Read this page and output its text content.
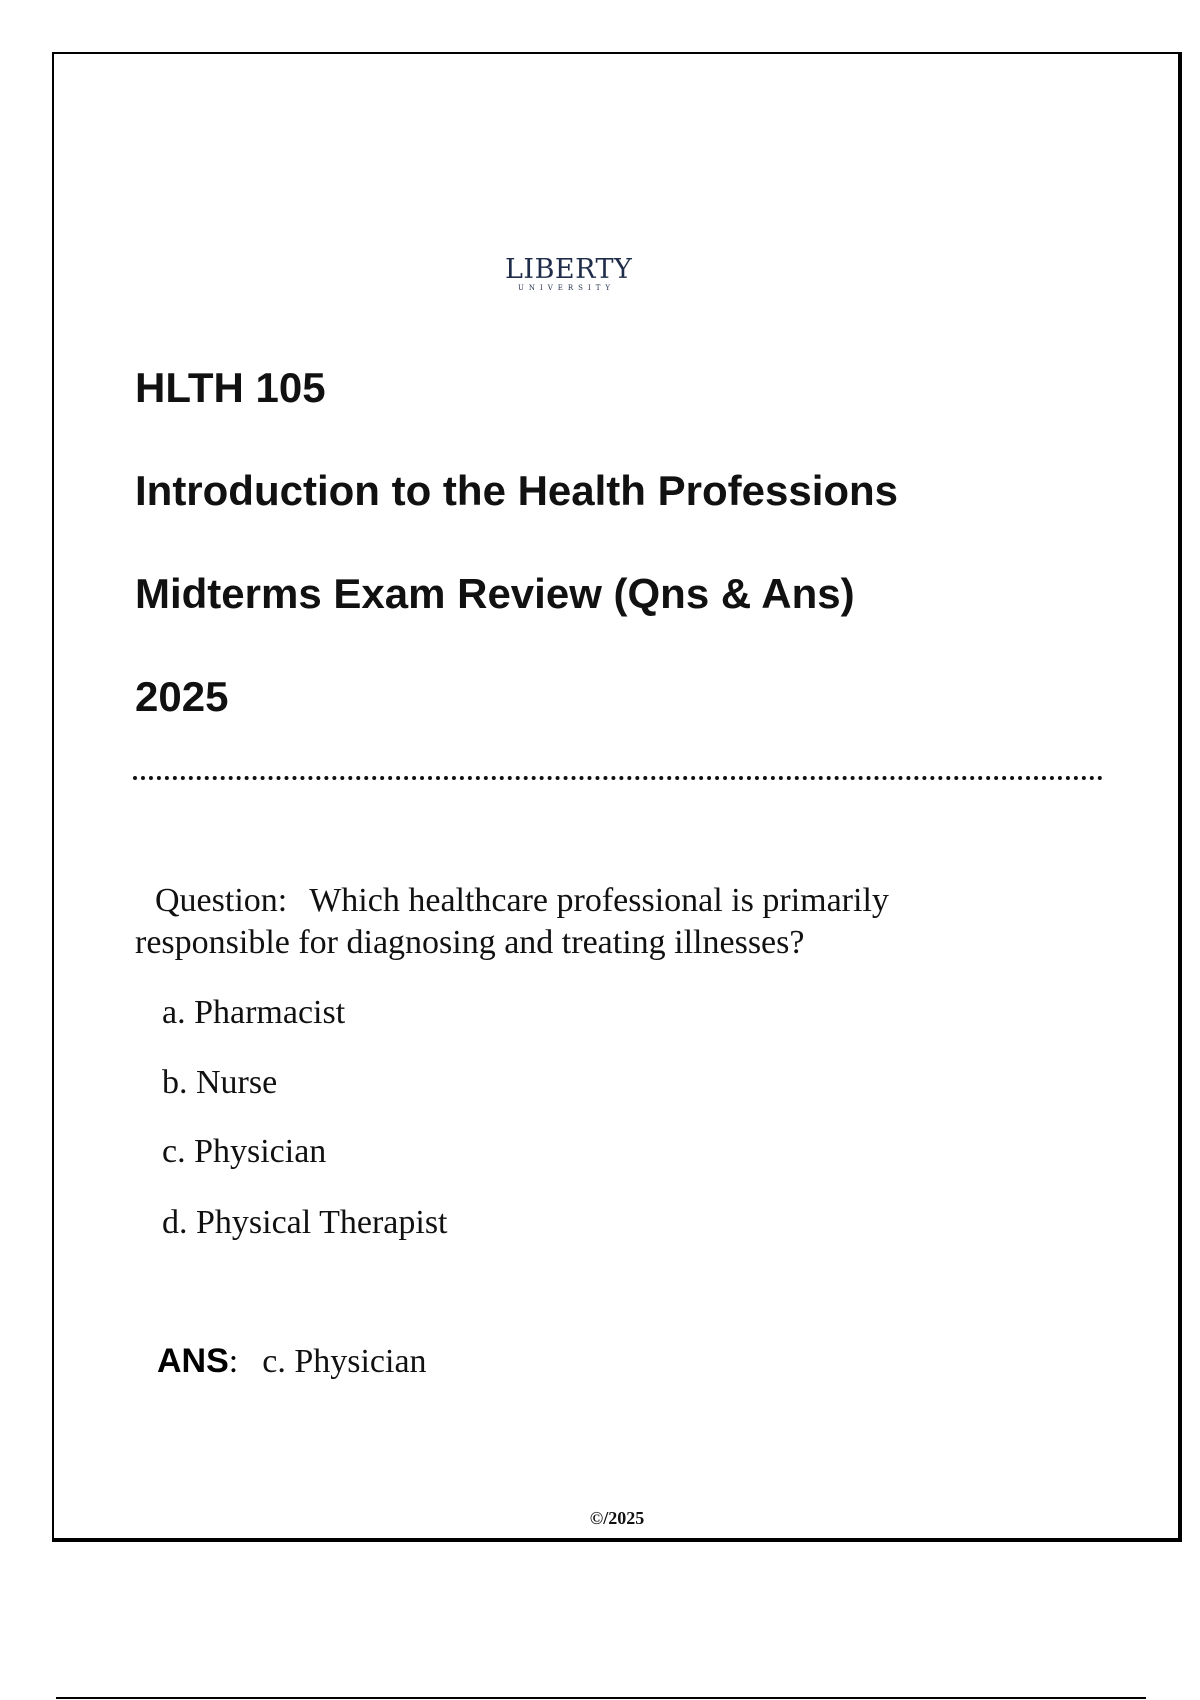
LIBERTY
UNIVERSITY
HLTH 105
Introduction to the Health Professions
Midterms Exam Review (Qns & Ans)
2025
Question: Which healthcare professional is primarily responsible for diagnosing and treating illnesses?
a. Pharmacist
b. Nurse
c. Physician
d. Physical Therapist
ANS: c. Physician
©/2025
